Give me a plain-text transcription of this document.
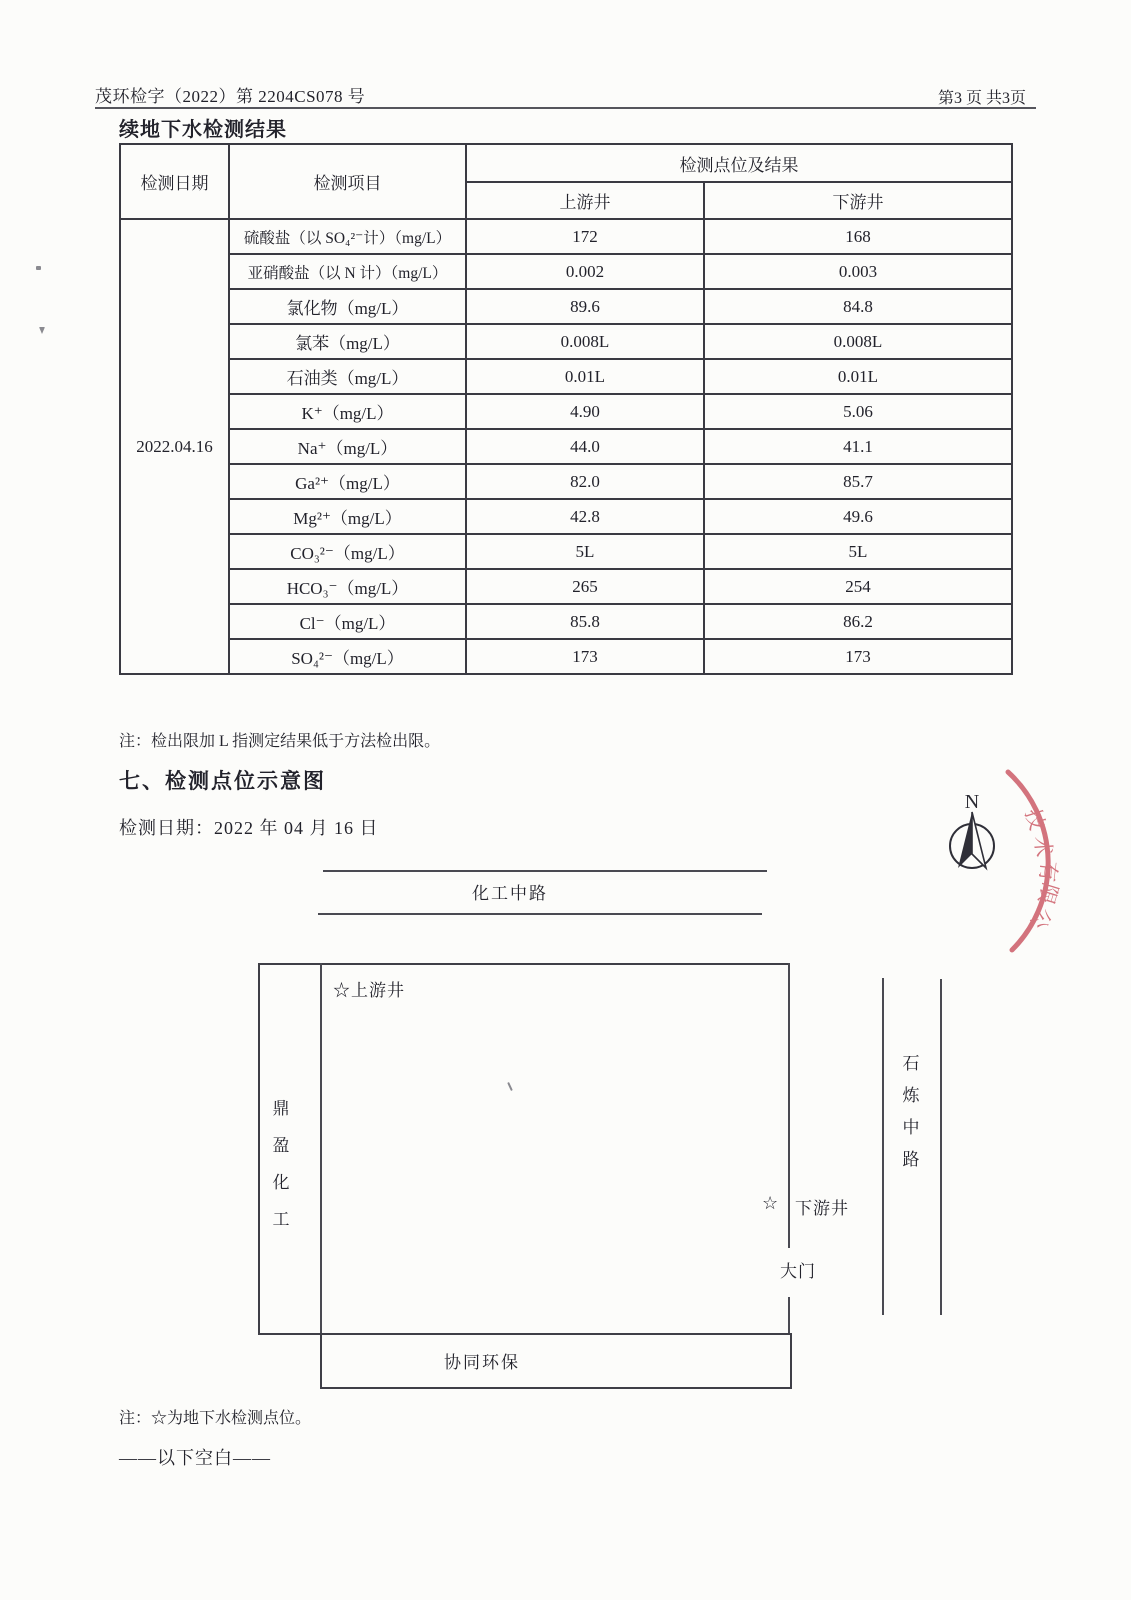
茂环检字（2022）第 2204CS078 号	第3 页 共3页
续地下水检测结果
检测日期	检测项目	检测点位及结果	
		上游井	下游井
2022.04.16	硫酸盐（以 SO₄²⁻计）（mg/L）	172	168
	亚硝酸盐（以 N 计）（mg/L）	0.002	0.003
	氯化物（mg/L）	89.6	84.8
	氯苯（mg/L）	0.008L	0.008L
	石油类（mg/L）	0.01L	0.01L
	K⁺（mg/L）	4.90	5.06
	Na⁺（mg/L）	44.0	41.1
	Ga²⁺（mg/L）	82.0	85.7
	Mg²⁺（mg/L）	42.8	49.6
	CO₃²⁻（mg/L）	5L	5L
	HCO₃⁻（mg/L）	265	254
	Cl⁻（mg/L）	85.8	86.2
	SO₄²⁻（mg/L）	173	173
注：检出限加 L 指测定结果低于方法检出限。
七、检测点位示意图
检测日期：2022 年 04 月 16 日
N
技
术
有
限
公
化工中路
鼎
盈
化
工
☆上游井
☆ 下游井
大门
协同环保
石
炼
中
路
注：☆为地下水检测点位。
——以下空白——
